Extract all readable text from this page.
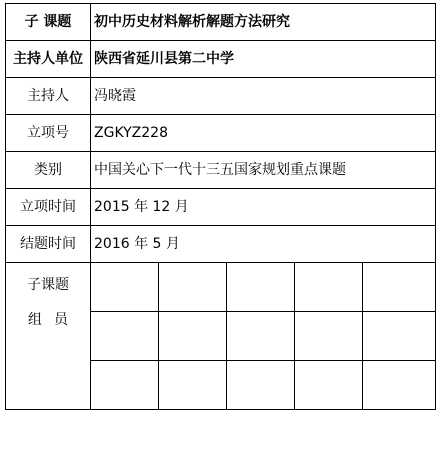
子 课题	初中历史材料解析解题方法研究				
主持人单位	陕西省延川县第二中学				
主持人	冯晓霞				
立项号	ZGKYZ228				
类别	中国关心下一代十三五国家规划重点课题				
立项时间	2015 年 12 月				
结题时间	2016 年 5 月				

子课题
组员					
